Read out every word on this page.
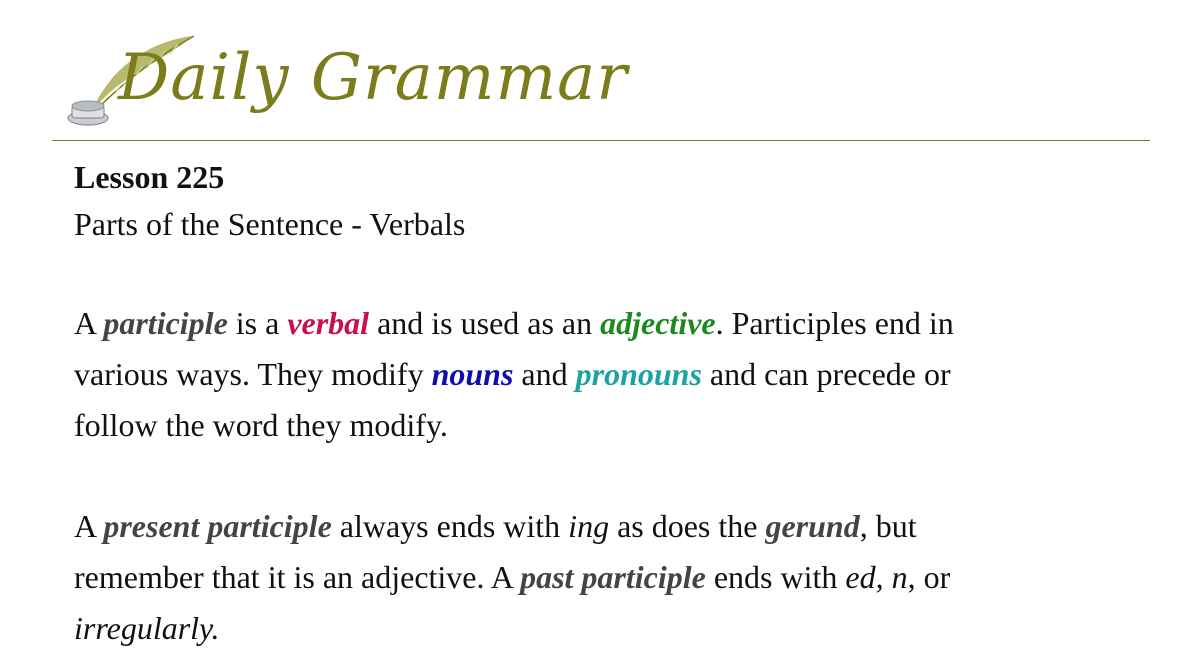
Daily Grammar
Lesson 225
Parts of the Sentence - Verbals
A participle is a verbal and is used as an adjective. Participles end in
various ways. They modify nouns and pronouns and can precede or
follow the word they modify.
A present participle always ends with ing as does the gerund, but
remember that it is an adjective. A past participle ends with ed, n, or
irregularly.
